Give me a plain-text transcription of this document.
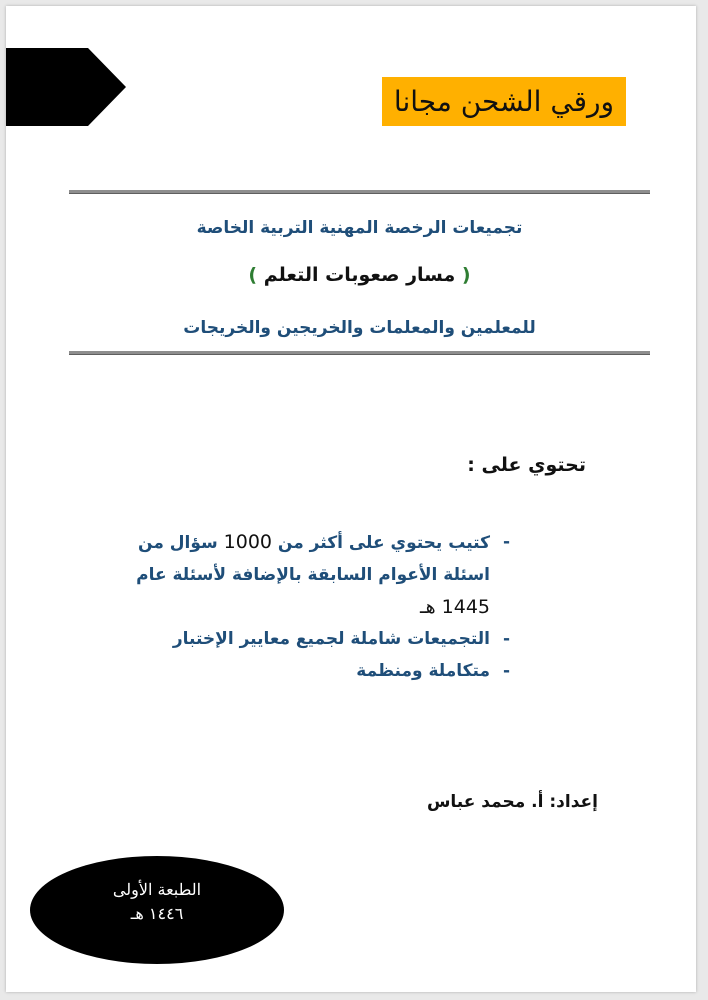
ورقي الشحن مجانا
تجميعات الرخصة المهنية التربية الخاصة
( مسار صعوبات التعلم )
للمعلمين والمعلمات والخريجين والخريجات
تحتوي على :
-
كتيب يحتوي على أكثر من 1000 سؤال من اسئلة الأعوام السابقة بالإضافة لأسئلة عام
1445 هـ
-
التجميعات شاملة لجميع معايير الإختبار
-
متكاملة ومنظمة
إعداد: أ. محمد عباس
الطبعة الأولى
١٤٤٦ هـ
